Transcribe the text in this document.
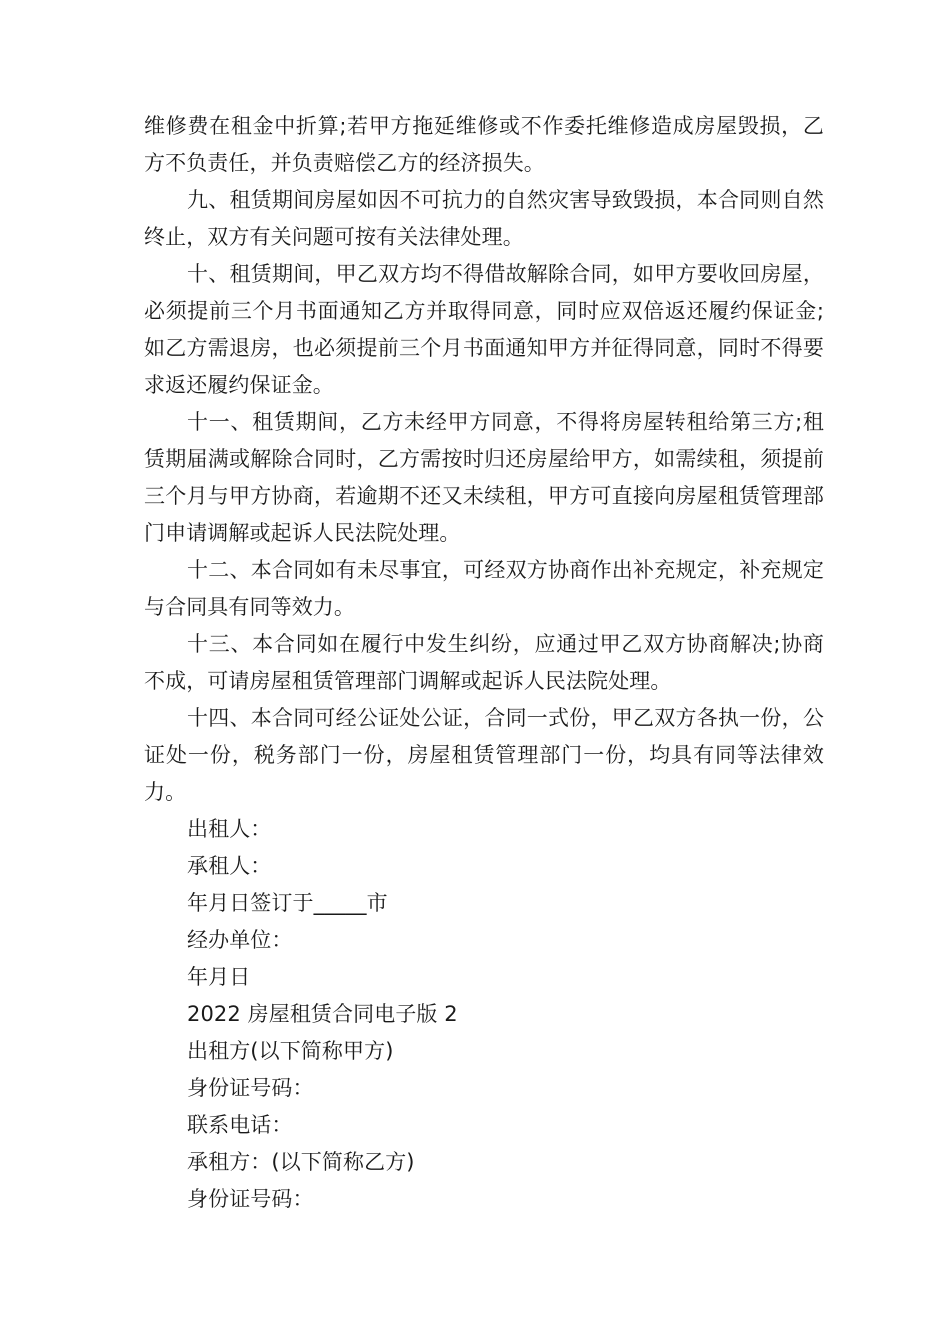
维修费在租金中折算;若甲方拖延维修或不作委托维修造成房屋毁损，乙方不负责任，并负责赔偿乙方的经济损失。

九、租赁期间房屋如因不可抗力的自然灾害导致毁损，本合同则自然终止，双方有关问题可按有关法律处理。

十、租赁期间，甲乙双方均不得借故解除合同，如甲方要收回房屋，必须提前三个月书面通知乙方并取得同意，同时应双倍返还履约保证金;如乙方需退房，也必须提前三个月书面通知甲方并征得同意，同时不得要求返还履约保证金。

十一、租赁期间，乙方未经甲方同意，不得将房屋转租给第三方;租赁期届满或解除合同时，乙方需按时归还房屋给甲方，如需续租，须提前三个月与甲方协商，若逾期不还又未续租，甲方可直接向房屋租赁管理部门申请调解或起诉人民法院处理。

十二、本合同如有未尽事宜，可经双方协商作出补充规定，补充规定与合同具有同等效力。

十三、本合同如在履行中发生纠纷，应通过甲乙双方协商解决;协商不成，可请房屋租赁管理部门调解或起诉人民法院处理。

十四、本合同可经公证处公证，合同一式份，甲乙双方各执一份，公证处一份，税务部门一份，房屋租赁管理部门一份，均具有同等法律效力。

出租人：

承租人：

年月日签订于_____市

经办单位：

年月日

2022 房屋租赁合同电子版 2

出租方(以下简称甲方)

身份证号码：

联系电话：

承租方：(以下简称乙方)

身份证号码：
